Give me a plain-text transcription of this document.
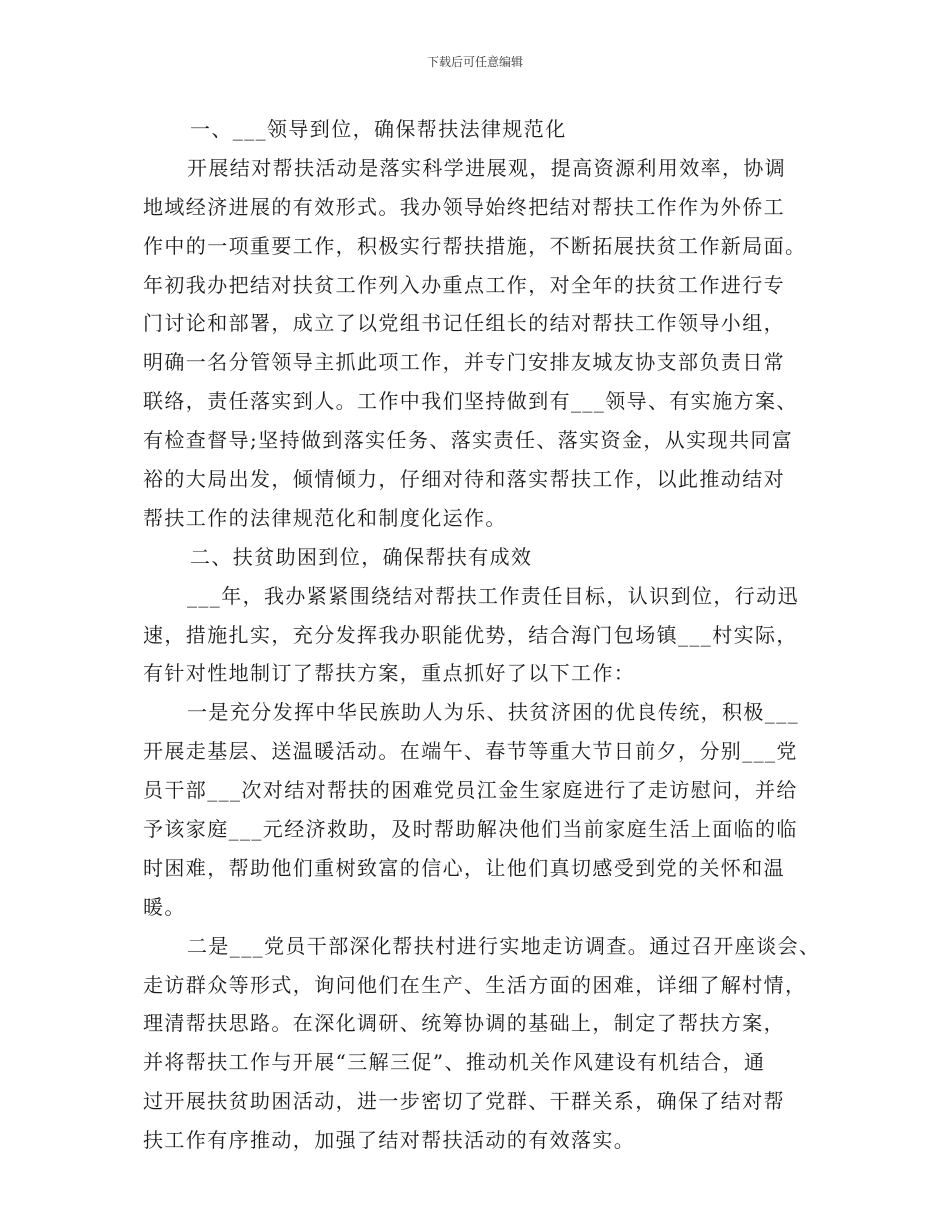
下载后可任意编辑
一、___领导到位，确保帮扶法律规范化
开展结对帮扶活动是落实科学进展观，提高资源利用效率，协调
地域经济进展的有效形式。我办领导始终把结对帮扶工作作为外侨工
作中的一项重要工作，积极实行帮扶措施，不断拓展扶贫工作新局面。
年初我办把结对扶贫工作列入办重点工作，对全年的扶贫工作进行专
门讨论和部署，成立了以党组书记任组长的结对帮扶工作领导小组，
明确一名分管领导主抓此项工作，并专门安排友城友协支部负责日常
联络，责任落实到人。工作中我们坚持做到有___领导、有实施方案、
有检查督导;坚持做到落实任务、落实责任、落实资金，从实现共同富
裕的大局出发，倾情倾力，仔细对待和落实帮扶工作，以此推动结对
帮扶工作的法律规范化和制度化运作。
二、扶贫助困到位，确保帮扶有成效
___年，我办紧紧围绕结对帮扶工作责任目标，认识到位，行动迅
速，措施扎实，充分发挥我办职能优势，结合海门包场镇___村实际，
有针对性地制订了帮扶方案，重点抓好了以下工作：
一是充分发挥中华民族助人为乐、扶贫济困的优良传统，积极___
开展走基层、送温暖活动。在端午、春节等重大节日前夕，分别___党
员干部___次对结对帮扶的困难党员江金生家庭进行了走访慰问，并给
予该家庭___元经济救助，及时帮助解决他们当前家庭生活上面临的临
时困难，帮助他们重树致富的信心，让他们真切感受到党的关怀和温
暖。
二是___党员干部深化帮扶村进行实地走访调查。通过召开座谈会、
走访群众等形式，询问他们在生产、生活方面的困难，详细了解村情，
理清帮扶思路。在深化调研、统筹协调的基础上，制定了帮扶方案，
并将帮扶工作与开展“三解三促”、推动机关作风建设有机结合，通
过开展扶贫助困活动，进一步密切了党群、干群关系，确保了结对帮
扶工作有序推动，加强了结对帮扶活动的有效落实。
